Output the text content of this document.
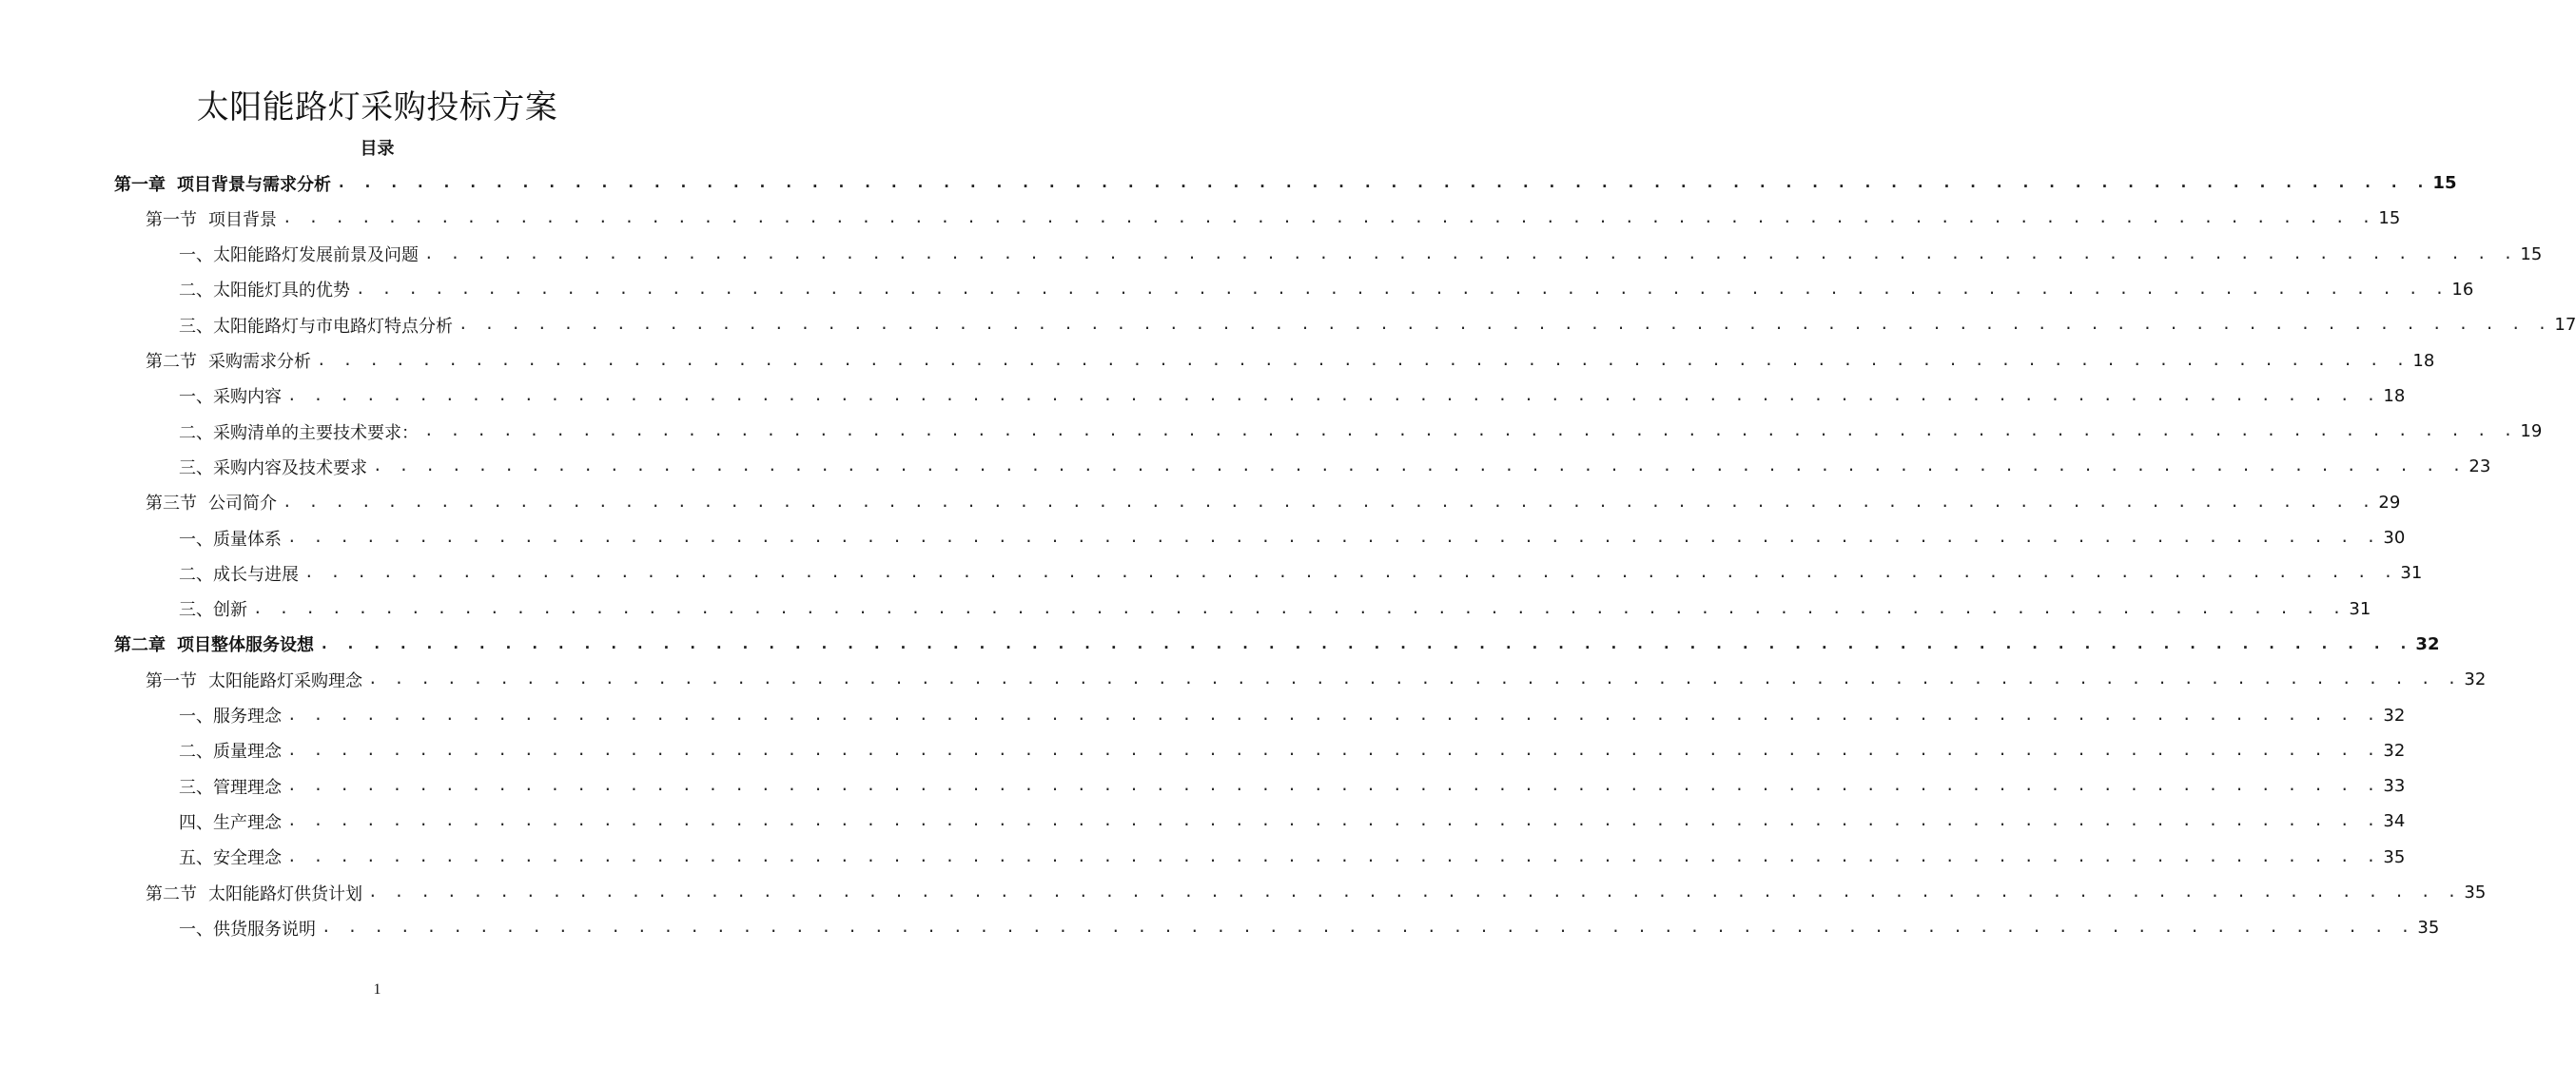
太阳能路灯采购投标方案
目录
第一章 项目背景与需求分析 . . . . . . . . . . . . . . . . . . . . . . . . . . . . . . . . . . . . . . . . . . . . . . . . . . . . . . . . . . . . . . . . . . . . . . . . . . . . . . . . 15
第一节 项目背景 . . . . . . . . . . . . . . . . . . . . . . . . . . . . . . . . . . . . . . . . . . . . . . . . . . . . . . . . . . . . . . . . . . . . . . . . . . . . . . . . 15
一、太阳能路灯发展前景及问题 . . . . . . . . . . . . . . . . . . . . . . . . . . . . . . . . . . . . . . . . . . . . . . . . . . . . . . . . . . . . . . . . . . . . . . . . . . . . . . . . 15
二、太阳能灯具的优势 . . . . . . . . . . . . . . . . . . . . . . . . . . . . . . . . . . . . . . . . . . . . . . . . . . . . . . . . . . . . . . . . . . . . . . . . . . . . . . . . 16
三、太阳能路灯与市电路灯特点分析 . . . . . . . . . . . . . . . . . . . . . . . . . . . . . . . . . . . . . . . . . . . . . . . . . . . . . . . . . . . . . . . . . . . . . . . . . . . . . . . . 17
第二节 采购需求分析 . . . . . . . . . . . . . . . . . . . . . . . . . . . . . . . . . . . . . . . . . . . . . . . . . . . . . . . . . . . . . . . . . . . . . . . . . . . . . . . . 18
一、采购内容 . . . . . . . . . . . . . . . . . . . . . . . . . . . . . . . . . . . . . . . . . . . . . . . . . . . . . . . . . . . . . . . . . . . . . . . . . . . . . . . . 18
二、采购清单的主要技术要求： . . . . . . . . . . . . . . . . . . . . . . . . . . . . . . . . . . . . . . . . . . . . . . . . . . . . . . . . . . . . . . . . . . . . . . . . . . . . . . . . 19
三、采购内容及技术要求 . . . . . . . . . . . . . . . . . . . . . . . . . . . . . . . . . . . . . . . . . . . . . . . . . . . . . . . . . . . . . . . . . . . . . . . . . . . . . . . . 23
第三节 公司简介 . . . . . . . . . . . . . . . . . . . . . . . . . . . . . . . . . . . . . . . . . . . . . . . . . . . . . . . . . . . . . . . . . . . . . . . . . . . . . . . . 29
一、质量体系 . . . . . . . . . . . . . . . . . . . . . . . . . . . . . . . . . . . . . . . . . . . . . . . . . . . . . . . . . . . . . . . . . . . . . . . . . . . . . . . . 30
二、成长与进展 . . . . . . . . . . . . . . . . . . . . . . . . . . . . . . . . . . . . . . . . . . . . . . . . . . . . . . . . . . . . . . . . . . . . . . . . . . . . . . . . 31
三、创新 . . . . . . . . . . . . . . . . . . . . . . . . . . . . . . . . . . . . . . . . . . . . . . . . . . . . . . . . . . . . . . . . . . . . . . . . . . . . . . . . 31
第二章 项目整体服务设想 . . . . . . . . . . . . . . . . . . . . . . . . . . . . . . . . . . . . . . . . . . . . . . . . . . . . . . . . . . . . . . . . . . . . . . . . . . . . . . . . 32
第一节 太阳能路灯采购理念 . . . . . . . . . . . . . . . . . . . . . . . . . . . . . . . . . . . . . . . . . . . . . . . . . . . . . . . . . . . . . . . . . . . . . . . . . . . . . . . . 32
一、服务理念 . . . . . . . . . . . . . . . . . . . . . . . . . . . . . . . . . . . . . . . . . . . . . . . . . . . . . . . . . . . . . . . . . . . . . . . . . . . . . . . . 32
二、质量理念 . . . . . . . . . . . . . . . . . . . . . . . . . . . . . . . . . . . . . . . . . . . . . . . . . . . . . . . . . . . . . . . . . . . . . . . . . . . . . . . . 32
三、管理理念 . . . . . . . . . . . . . . . . . . . . . . . . . . . . . . . . . . . . . . . . . . . . . . . . . . . . . . . . . . . . . . . . . . . . . . . . . . . . . . . . 33
四、生产理念 . . . . . . . . . . . . . . . . . . . . . . . . . . . . . . . . . . . . . . . . . . . . . . . . . . . . . . . . . . . . . . . . . . . . . . . . . . . . . . . . 34
五、安全理念 . . . . . . . . . . . . . . . . . . . . . . . . . . . . . . . . . . . . . . . . . . . . . . . . . . . . . . . . . . . . . . . . . . . . . . . . . . . . . . . . 35
第二节 太阳能路灯供货计划 . . . . . . . . . . . . . . . . . . . . . . . . . . . . . . . . . . . . . . . . . . . . . . . . . . . . . . . . . . . . . . . . . . . . . . . . . . . . . . . . 35
一、供货服务说明 . . . . . . . . . . . . . . . . . . . . . . . . . . . . . . . . . . . . . . . . . . . . . . . . . . . . . . . . . . . . . . . . . . . . . . . . . . . . . . . . 35
1
